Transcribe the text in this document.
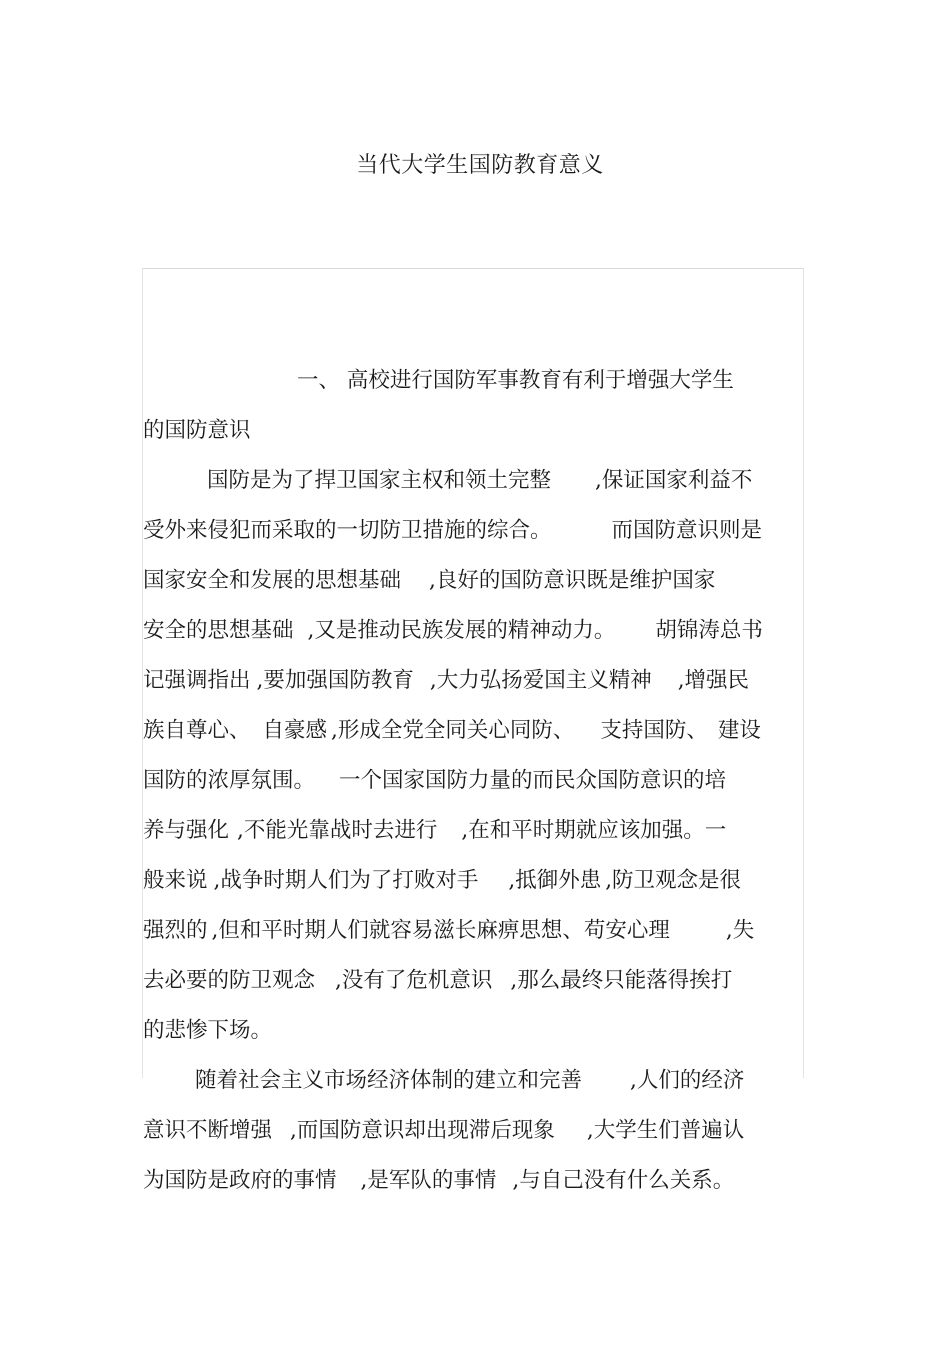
当代大学生国防教育意义
一、 高校进行国防军事教育有利于增强大学生
的国防意识
国防是为了捍卫国家主权和领土完整 ,保证国家利益不
受外来侵犯而采取的一切防卫措施的综合。	而国防意识则是
国家安全和发展的思想基础 ,良好的国防意识既是维护国家
安全的思想基础 ,又是推动民族发展的精神动力。 胡锦涛总书
记强调指出 ,要加强国防教育 ,大力弘扬爱国主义精神 ,增强民
族自尊心、 自豪感 ,形成全党全同关心同防、 支持国防、 建设
国防的浓厚氛围。 一个国家国防力量的而民众国防意识的培
养与强化 ,不能光靠战时去进行 ,在和平时期就应该加强。一
般来说 ,战争时期人们为了打败对手 ,抵御外患 ,防卫观念是很
强烈的 ,但和平时期人们就容易滋长麻痹思想、苟安心理	,失
去必要的防卫观念 ,没有了危机意识 ,那么最终只能落得挨打
的悲惨下场。
随着社会主义市场经济体制的建立和完善 ,人们的经济
意识不断增强 ,而国防意识却出现滞后现象 ,大学生们普遍认
为国防是政府的事情 ,是军队的事情 ,与自己没有什么关系。
